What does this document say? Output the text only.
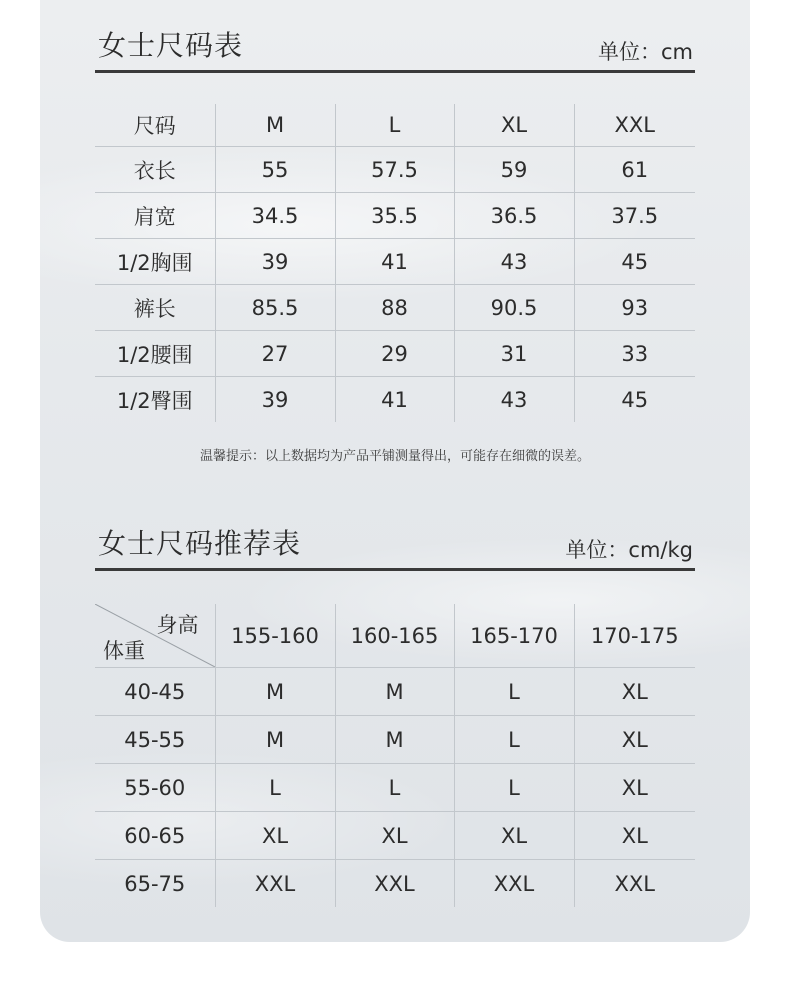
女士尺码表	单位：cm
尺码	M	L	XL	XXL
衣长	55	57.5	59	61
肩宽	34.5	35.5	36.5	37.5
1/2胸围	39	41	43	45
裤长	85.5	88	90.5	93
1/2腰围	27	29	31	33
1/2臀围	39	41	43	45
温馨提示：以上数据均为产品平铺测量得出，可能存在细微的误差。
女士尺码推荐表	单位：cm/kg
身高
体重	155-160	160-165	165-170	170-175
40-45	M	M	L	XL
45-55	M	M	L	XL
55-60	L	L	L	XL
60-65	XL	XL	XL	XL
65-75	XXL	XXL	XXL	XXL
